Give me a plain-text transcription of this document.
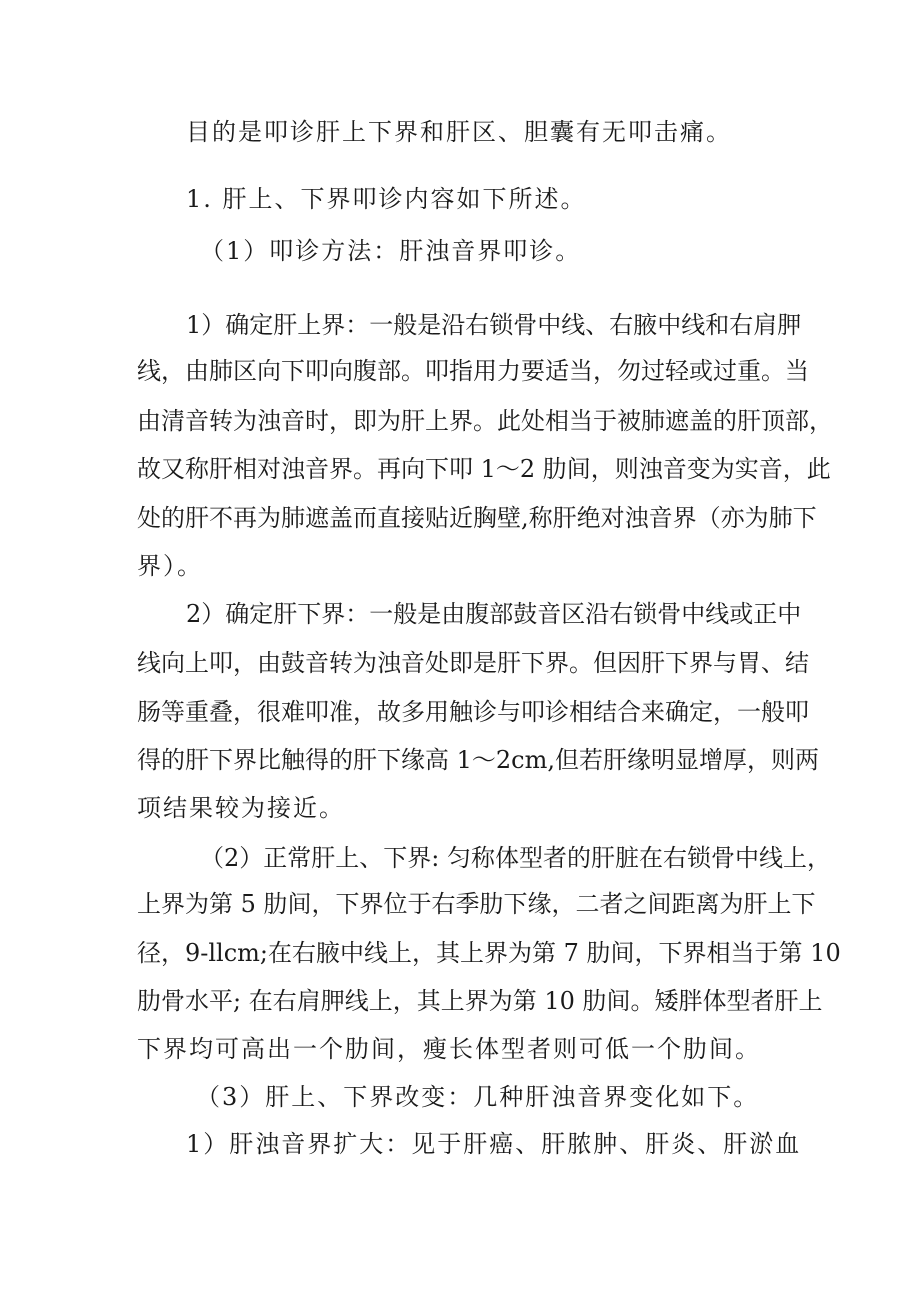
目的是叩诊肝上下界和肝区、胆囊有无叩击痛。
1. 肝上、下界叩诊内容如下所述。
（1）叩诊方法：肝浊音界叩诊。
1）确定肝上界：一般是沿右锁骨中线、右腋中线和右肩胛
线，由肺区向下叩向腹部。叩指用力要适当，勿过轻或过重。当
由清音转为浊音时，即为肝上界。此处相当于被肺遮盖的肝顶部，
故又称肝相对浊音界。再向下叩 1～2 肋间，则浊音变为实音，此
处的肝不再为肺遮盖而直接贴近胸壁,称肝绝对浊音界（亦为肺下
界）。
2）确定肝下界：一般是由腹部鼓音区沿右锁骨中线或正中
线向上叩，由鼓音转为浊音处即是肝下界。但因肝下界与胃、结
肠等重叠，很难叩准，故多用触诊与叩诊相结合来确定，一般叩
得的肝下界比触得的肝下缘高 1～2cm,但若肝缘明显增厚，则两
项结果较为接近。
（2）正常肝上、下界: 匀称体型者的肝脏在右锁骨中线上，
上界为第 5 肋间，下界位于右季肋下缘，二者之间距离为肝上下
径，9-llcm;在右腋中线上，其上界为第 7 肋间，下界相当于第 10
肋骨水平; 在右肩胛线上，其上界为第 10 肋间。矮胖体型者肝上
下界均可高出一个肋间，瘦长体型者则可低一个肋间。
（3）肝上、下界改变：几种肝浊音界变化如下。
1）肝浊音界扩大：见于肝癌、肝脓肿、肝炎、肝淤血
